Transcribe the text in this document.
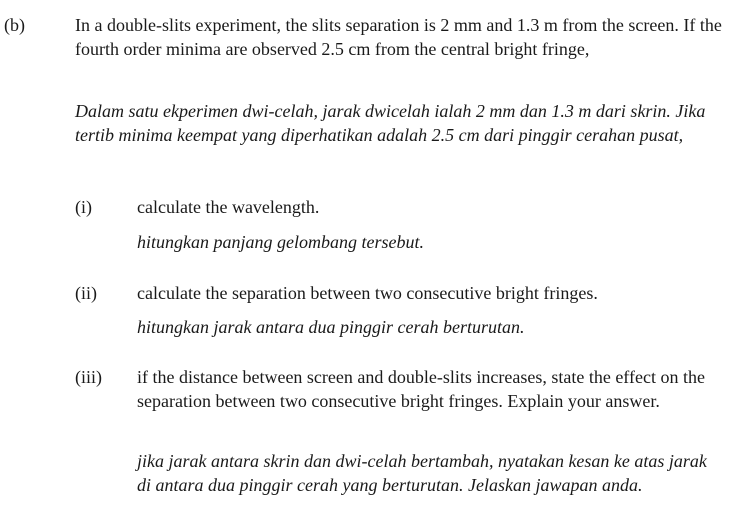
(b)	In a double-slits experiment, the slits separation is 2 mm and 1.3 m from the screen. If the fourth order minima are observed 2.5 cm from the central bright fringe,
Dalam satu ekperimen dwi-celah, jarak dwicelah ialah 2 mm dan 1.3 m dari skrin. Jika tertib minima keempat yang diperhatikan adalah 2.5 cm dari pinggir cerahan pusat,
(i)	calculate the wavelength.
hitungkan panjang gelombang tersebut.
(ii) calculate the separation between two consecutive bright fringes.
hitungkan jarak antara dua pinggir cerah berturutan.
(iii) if the distance between screen and double-slits increases, state the effect on the separation between two consecutive bright fringes. Explain your answer.
jika jarak antara skrin dan dwi-celah bertambah, nyatakan kesan ke atas jarak di antara dua pinggir cerah yang berturutan. Jelaskan jawapan anda.
